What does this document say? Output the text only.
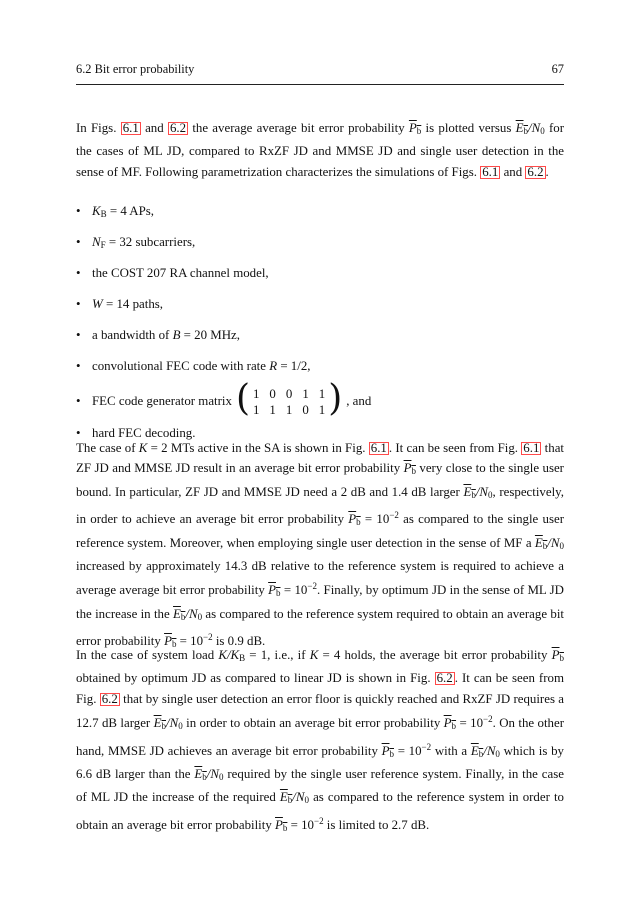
6.2 Bit error probability	67

In Figs. 6.1 and 6.2 the average average bit error probability $P_b$ is plotted versus $E_b/N_0$ for the cases of ML JD, compared to RxZF JD and MMSE JD and single user detection in the sense of MF. Following parametrization characterizes the simulations of Figs. 6.1 and 6.2 .

• $K_B = 4$ APs,
• $N_F = 32$ subcarriers,
• the COST 207 RA channel model,
• W = 14 paths,
• a bandwidth of B = 20 MHz,
• convolutional FEC code with rate R = 1/2,
• FEC code generator matrix ( 1	0	0	1	1
1	1	1	0	1 ) , and
• hard FEC decoding.

The case of K = 2 MTs active in the SA is shown in Fig. 6.1 . It can be seen from Fig. 6.1 that ZF JD and MMSE JD result in an average bit error probability $P_b$ very close to the single user bound. In particular, ZF JD and MMSE JD need a 2 dB and 1.4 dB larger $E_b/N_0$, respectively, in order to achieve an average bit error probability $P_b = 10^{-2}$ as compared to the single user reference system. Moreover, when employing single user detection in the sense of MF a $E_b/N_0$ increased by approximately 14.3 dB relative to the reference system is required to achieve a average average bit error probability $P_b = 10^{-2}$. Finally, by optimum JD in the sense of ML JD the increase in the $E_b/N_0$ as compared to the reference system required to obtain an average bit error probability $P_b = 10^{-2}$ is 0.9 dB.

In the case of system load $K/K_B = 1$, i.e., if K = 4 holds, the average bit error probability $P_b$ obtained by optimum JD as compared to linear JD is shown in Fig. 6.2 . It can be seen from Fig. 6.2 that by single user detection an error floor is quickly reached and RxZF JD requires a 12.7 dB larger $E_b/N_0$ in order to obtain an average bit error probability $P_b = 10^{-2}$. On the other hand, MMSE JD achieves an average bit error probability $P_b = 10^{-2}$ with a $E_b/N_0$ which is by 6.6 dB larger than the $E_b/N_0$ required by the single user reference system. Finally, in the case of ML JD the increase of the required $E_b/N_0$ as compared to the reference system in order to obtain an average bit error probability $P_b = 10^{-2}$ is limited to 2.7 dB.
